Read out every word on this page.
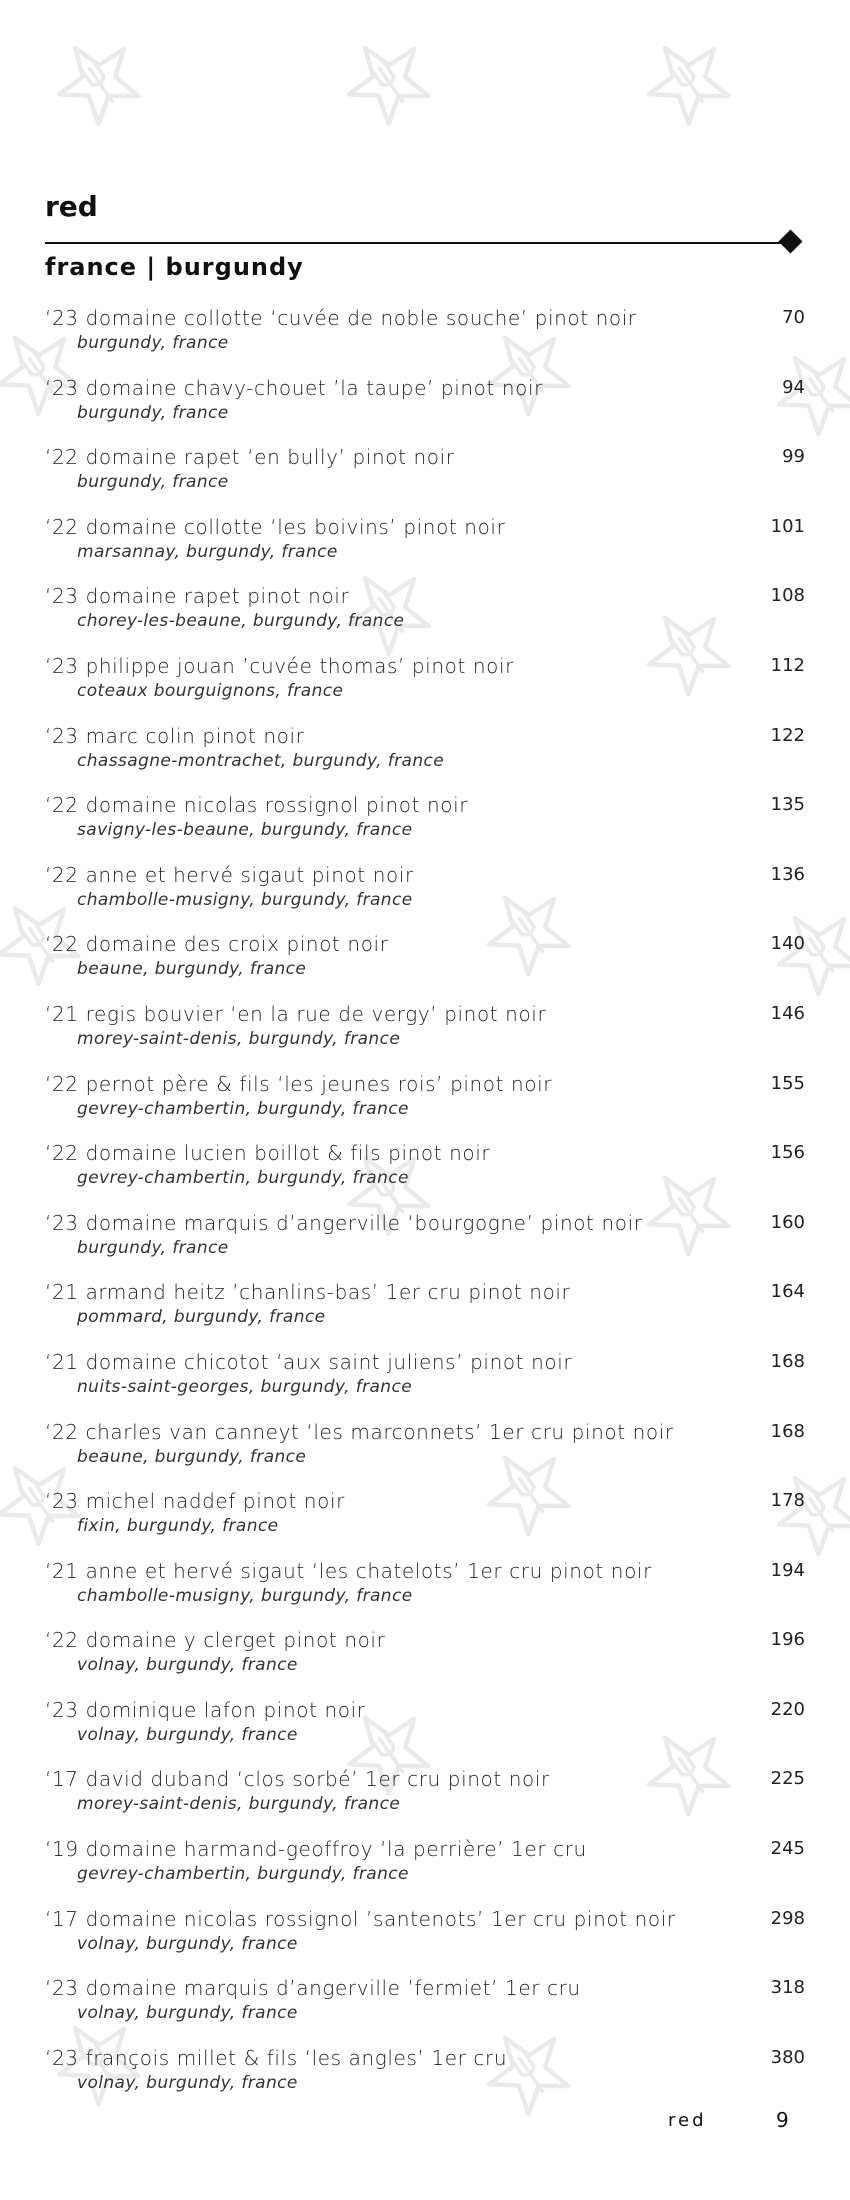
red
france | burgundy
‘23 domaine collotte ‘cuvée de noble souche’ pinot noir
burgundy, france
70
‘23 domaine chavy-chouet ’la taupe’ pinot noir
burgundy, france
94
‘22 domaine rapet ‘en bully’ pinot noir
burgundy, france
99
‘22 domaine collotte ‘les boivins’ pinot noir
marsannay, burgundy, france
101
‘23 domaine rapet pinot noir
chorey-les-beaune, burgundy, france
108
‘23 philippe jouan ’cuvée thomas’ pinot noir
coteaux bourguignons, france
112
‘23 marc colin pinot noir
chassagne-montrachet, burgundy, france
122
‘22 domaine nicolas rossignol pinot noir
savigny-les-beaune, burgundy, france
135
‘22 anne et hervé sigaut pinot noir
chambolle-musigny, burgundy, france
136
‘22 domaine des croix pinot noir
beaune, burgundy, france
140
‘21 regis bouvier ‘en la rue de vergy’ pinot noir
morey-saint-denis, burgundy, france
146
‘22 pernot père & fils ‘les jeunes rois’ pinot noir
gevrey-chambertin, burgundy, france
155
‘22 domaine lucien boillot & fils pinot noir
gevrey-chambertin, burgundy, france
156
‘23 domaine marquis d’angerville ‘bourgogne’ pinot noir
burgundy, france
160
‘21 armand heitz ’chanlins-bas’ 1er cru pinot noir
pommard, burgundy, france
164
‘21 domaine chicotot ‘aux saint juliens’ pinot noir
nuits-saint-georges, burgundy, france
168
‘22 charles van canneyt ‘les marconnets’ 1er cru pinot noir
beaune, burgundy, france
168
‘23 michel naddef pinot noir
fixin, burgundy, france
178
‘21 anne et hervé sigaut ‘les chatelots’ 1er cru pinot noir
chambolle-musigny, burgundy, france
194
‘22 domaine y clerget pinot noir
volnay, burgundy, france
196
‘23 dominique lafon pinot noir
volnay, burgundy, france
220
‘17 david duband ‘clos sorbé’ 1er cru pinot noir
morey-saint-denis, burgundy, france
225
‘19 domaine harmand-geoffroy ‘la perrière’ 1er cru
gevrey-chambertin, burgundy, france
245
‘17 domaine nicolas rossignol ’santenots’ 1er cru pinot noir
volnay, burgundy, france
298
‘23 domaine marquis d’angerville ’fermiet’ 1er cru
volnay, burgundy, france
318
‘23 françois millet & fils ‘les angles’ 1er cru
volnay, burgundy, france
380
red	9
